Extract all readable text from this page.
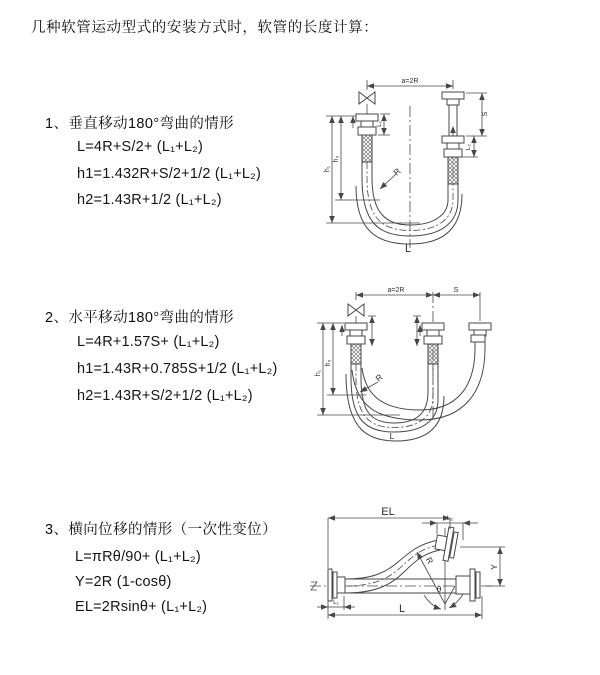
几种软管运动型式的安装方式时，软管的长度计算：
1、垂直移动180°弯曲的情形
L=4R+S/2+ (L₁+L₂)
h1=1.432R+S/2+1/2 (L₁+L₂)
h2=1.43R+1/2 (L₁+L₂)
2、水平移动180°弯曲的情形
L=4R+1.57S+ (L₁+L₂)
h1=1.43R+0.785S+1/2 (L₁+L₂)
h2=1.43R+S/2+1/2 (L₁+L₂)
3、横向位移的情形（一次性变位）
L=πRθ/90+ (L₁+L₂)
Y=2R (1-cosθ)
EL=2Rsinθ+ (L₁+L₂)
a=2R
L₁
h₁
h₂
S
L₂
R
L
a=2R	S
h₁
h₂
R
L
R
θ
EL
L₂
Y
L
L₁
